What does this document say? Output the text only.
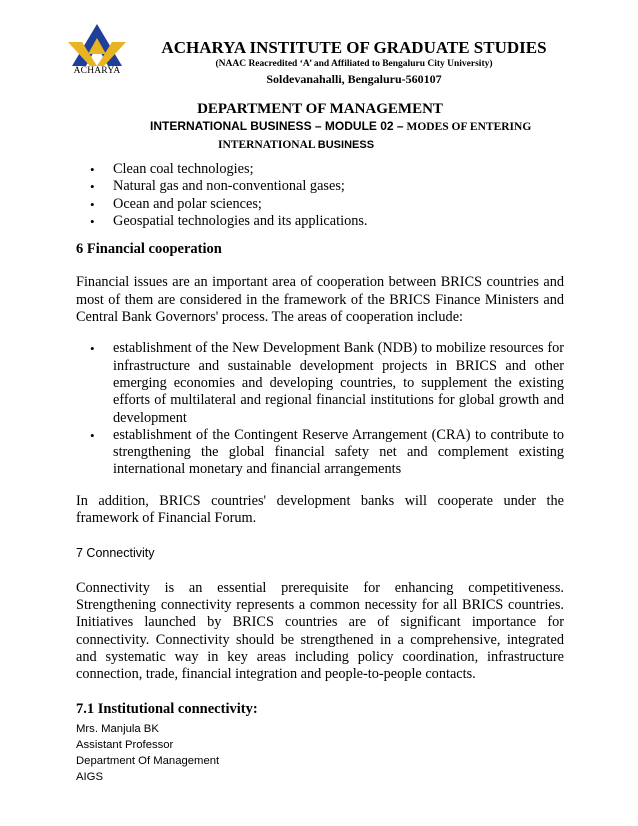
ACHARYA
ACHARYA INSTITUTE OF GRADUATE STUDIES
(NAAC Reacredited ‘A’ and Affiliated to Bengaluru City University)
Soldevanahalli, Bengaluru-560107
DEPARTMENT OF MANAGEMENT
INTERNATIONAL BUSINESS – MODULE 02 – MODES OF ENTERING
INTERNATIONAL BUSINESS
• Clean coal technologies;
• Natural gas and non-conventional gases;
• Ocean and polar sciences;
• Geospatial technologies and its applications.
6 Financial cooperation

Financial issues are an important area of cooperation between BRICS countries and most of them are considered in the framework of the BRICS Finance Ministers and Central Bank Governors' process. The areas of cooperation include:

• establishment of the New Development Bank (NDB) to mobilize resources for infrastructure and sustainable development projects in BRICS and other emerging economies and developing countries, to supplement the existing efforts of multilateral and regional financial institutions for global growth and development
• establishment of the Contingent Reserve Arrangement (CRA) to contribute to strengthening the global financial safety net and complement existing international monetary and financial arrangements

In addition, BRICS countries' development banks will cooperate under the framework of Financial Forum.

7 Connectivity

Connectivity is an essential prerequisite for enhancing competitiveness. Strengthening connectivity represents a common necessity for all BRICS countries. Initiatives launched by BRICS countries are of significant importance for connectivity. Connectivity should be strengthened in a comprehensive, integrated and systematic way in key areas including policy coordination, infrastructure connection, trade, financial integration and people-to-people contacts.

7.1 Institutional connectivity:
Mrs. Manjula BK
Assistant Professor
Department Of Management
AIGS
